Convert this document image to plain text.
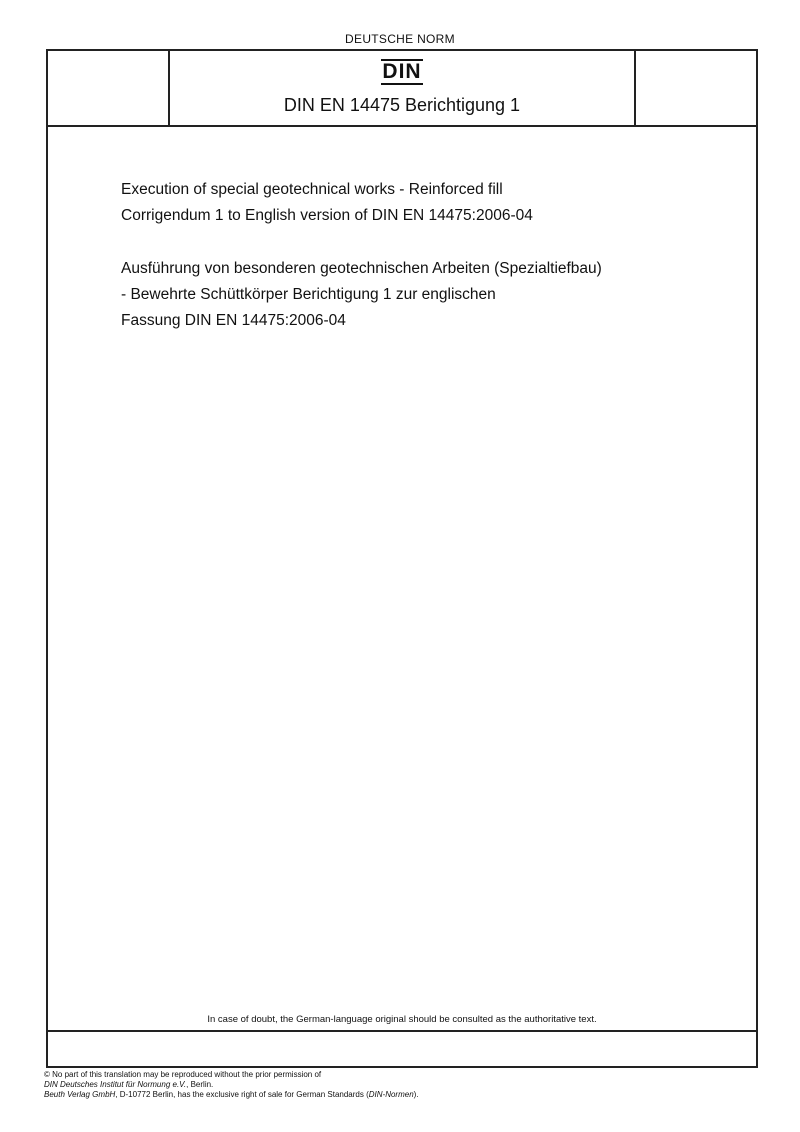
DEUTSCHE NORM
DIN
DIN EN 14475 Berichtigung 1
Execution of special geotechnical works - Reinforced fill
Corrigendum 1 to English version of DIN EN 14475:2006-04
Ausführung von besonderen geotechnischen Arbeiten (Spezialtiefbau)
- Bewehrte Schüttkörper Berichtigung 1 zur englischen
Fassung DIN EN 14475:2006-04
In case of doubt, the German-language original should be consulted as the authoritative text.
© No part of this translation may be reproduced without the prior permission of
DIN Deutsches Institut für Normung e.V., Berlin.
Beuth Verlag GmbH, D-10772 Berlin, has the exclusive right of sale for German Standards (DIN-Normen).
